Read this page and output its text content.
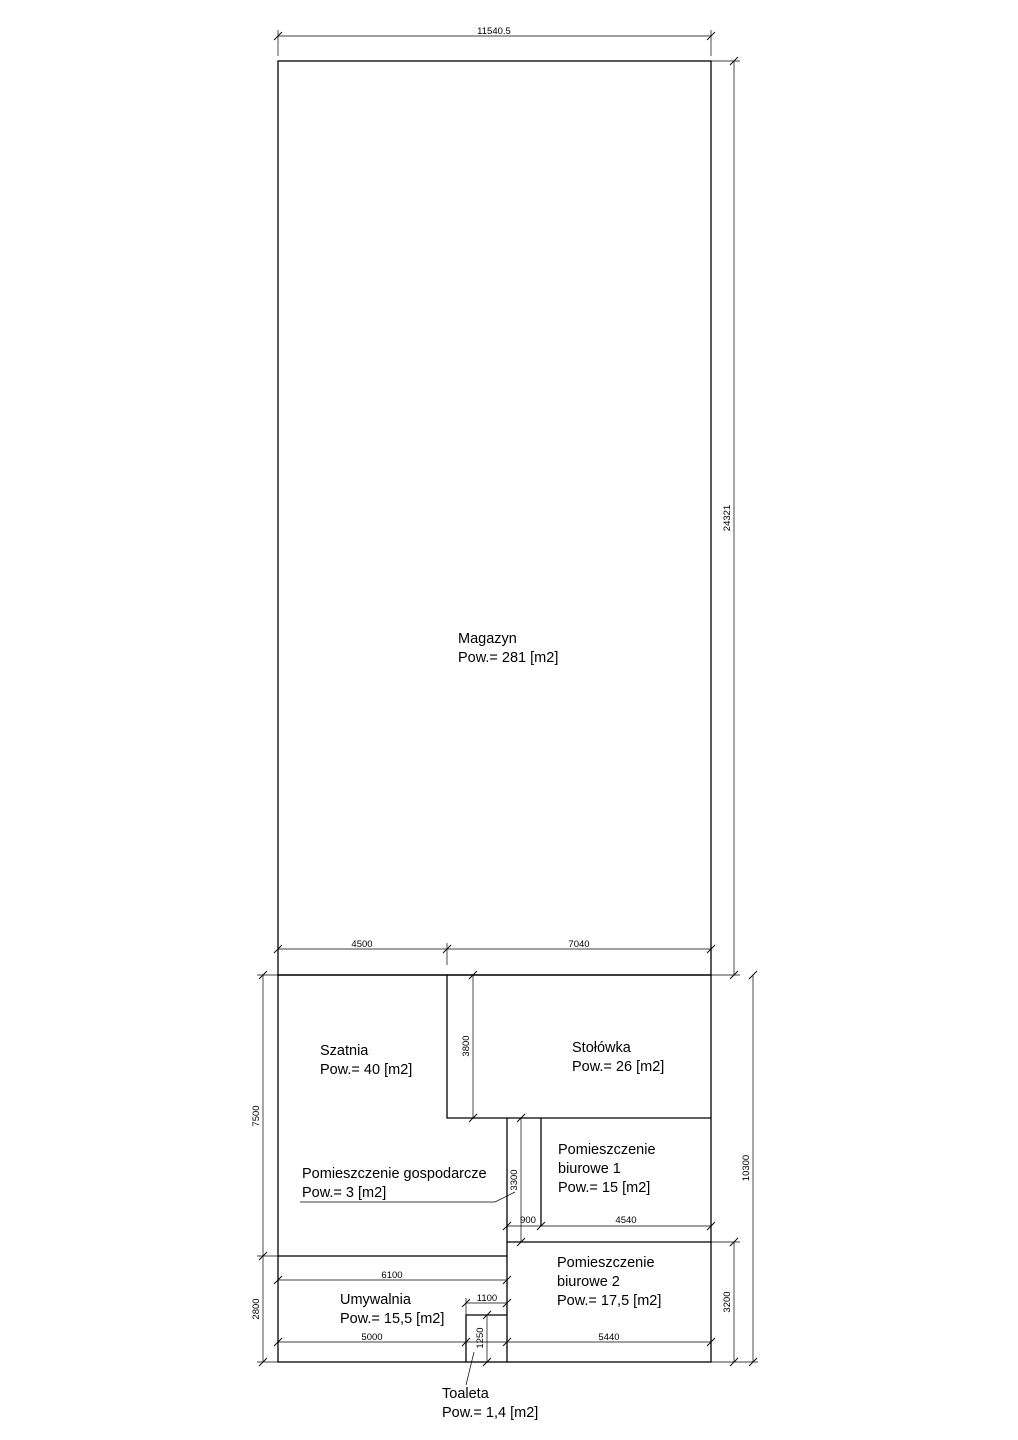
11540.5
24321
10300
3200
7500
2800
4500	7040
3800
3300
900	4540
6100
1100
5000	5440
1250
Magazyn
Pow.= 281 [m2]
Szatnia
Pow.= 40 [m2]
Stołówka
Pow.= 26 [m2]
Pomieszczenie
biurowe 1
Pow.= 15 [m2]
Pomieszczenie gospodarcze
Pow.= 3 [m2]
Pomieszczenie
biurowe 2
Pow.= 17,5 [m2]
Umywalnia
Pow.= 15,5 [m2]
Toaleta
Pow.= 1,4 [m2]
